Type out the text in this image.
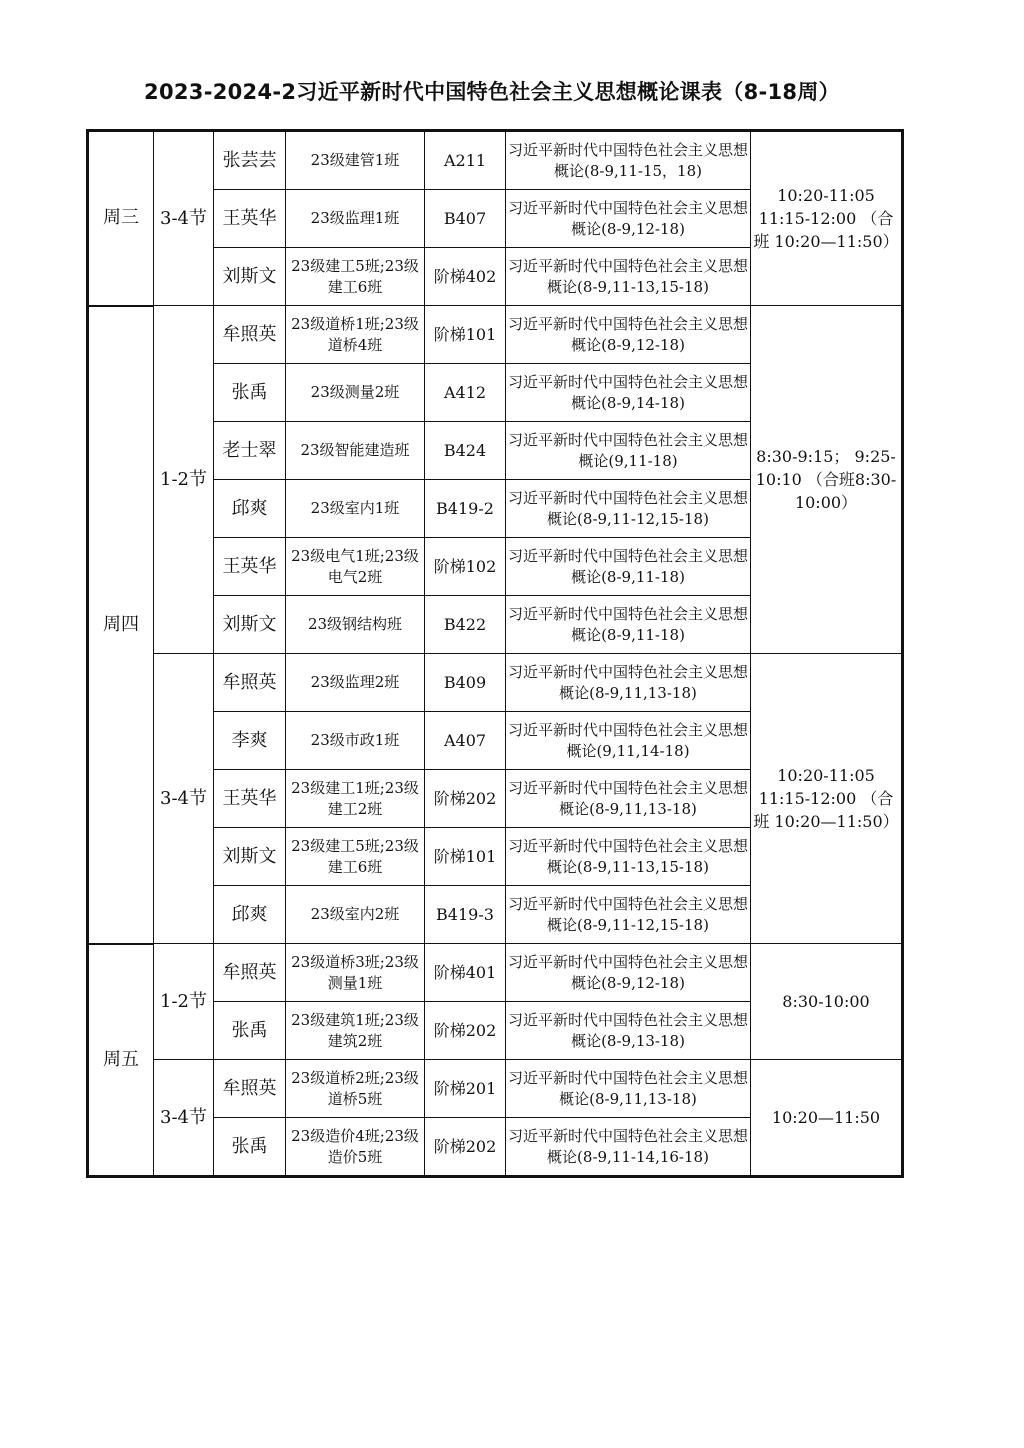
2023-2024-2习近平新时代中国特色社会主义思想概论课表（8-18周）
周三	3-4节	张芸芸	23级建管1班	A211	习近平新时代中国特色社会主义思想概论(8-9,11-15，18)	10:20-11:05 11:15-12:00 （合班 10:20—11:50）
		王英华	23级监理1班	B407	习近平新时代中国特色社会主义思想概论(8-9,12-18)	
		刘斯文	23级建工5班;23级建工6班	阶梯402	习近平新时代中国特色社会主义思想概论(8-9,11-13,15-18)	
周四	1-2节	牟照英	23级道桥1班;23级道桥4班	阶梯101	习近平新时代中国特色社会主义思想概论(8-9,12-18)	8:30-9:15； 9:25-10:10 （合班8:30-10:00）
		张禹	23级测量2班	A412	习近平新时代中国特色社会主义思想概论(8-9,14-18)	
		老士翠	23级智能建造班	B424	习近平新时代中国特色社会主义思想概论(9,11-18)	
		邱爽	23级室内1班	B419-2	习近平新时代中国特色社会主义思想概论(8-9,11-12,15-18)	
		王英华	23级电气1班;23级电气2班	阶梯102	习近平新时代中国特色社会主义思想概论(8-9,11-18)	
		刘斯文	23级钢结构班	B422	习近平新时代中国特色社会主义思想概论(8-9,11-18)	
	3-4节	牟照英	23级监理2班	B409	习近平新时代中国特色社会主义思想概论(8-9,11,13-18)	10:20-11:05 11:15-12:00 （合班 10:20—11:50）
		李爽	23级市政1班	A407	习近平新时代中国特色社会主义思想概论(9,11,14-18)	
		王英华	23级建工1班;23级建工2班	阶梯202	习近平新时代中国特色社会主义思想概论(8-9,11,13-18)	
		刘斯文	23级建工5班;23级建工6班	阶梯101	习近平新时代中国特色社会主义思想概论(8-9,11-13,15-18)	
		邱爽	23级室内2班	B419-3	习近平新时代中国特色社会主义思想概论(8-9,11-12,15-18)	
周五	1-2节	牟照英	23级道桥3班;23级测量1班	阶梯401	习近平新时代中国特色社会主义思想概论(8-9,12-18)	8:30-10:00
		张禹	23级建筑1班;23级建筑2班	阶梯202	习近平新时代中国特色社会主义思想概论(8-9,13-18)	
	3-4节	牟照英	23级道桥2班;23级道桥5班	阶梯201	习近平新时代中国特色社会主义思想概论(8-9,11,13-18)	10:20—11:50
		张禹	23级造价4班;23级造价5班	阶梯202	习近平新时代中国特色社会主义思想概论(8-9,11-14,16-18)	
